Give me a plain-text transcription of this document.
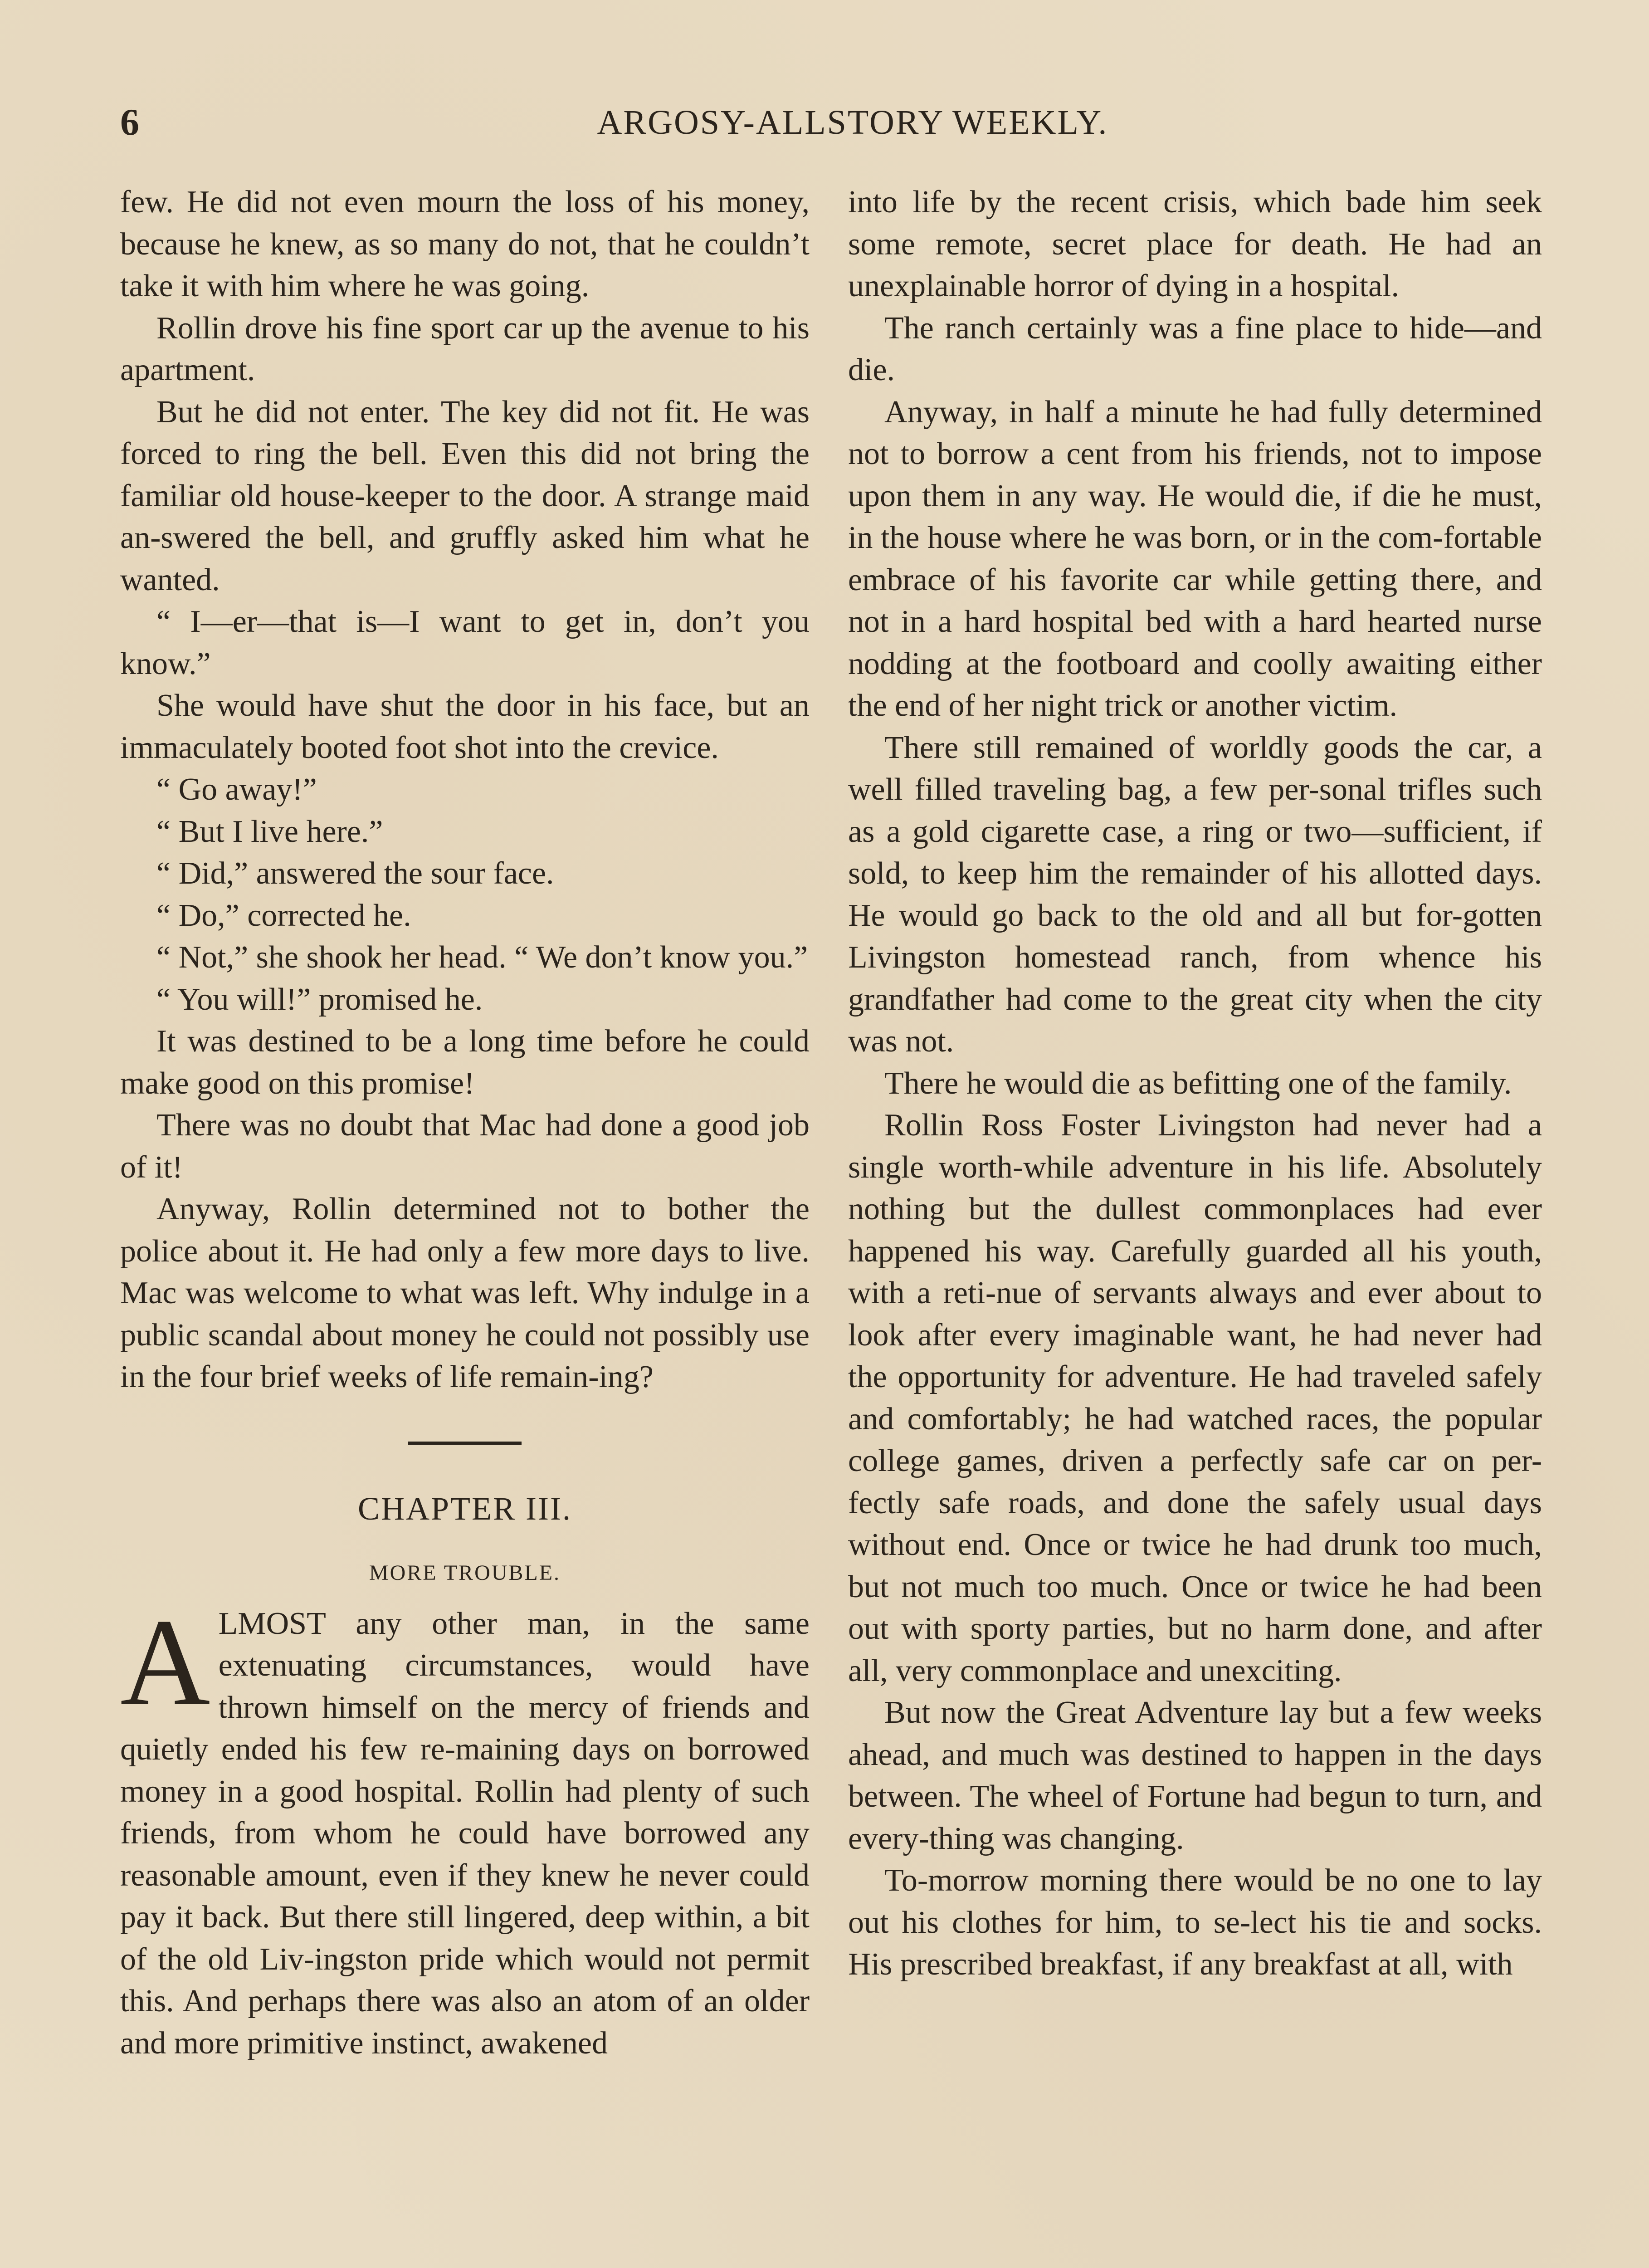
6	ARGOSY-ALLSTORY WEEKLY.

few. He did not even mourn the loss of his money, because he knew, as so many do not, that he couldn’t take it with him where he was going.

Rollin drove his fine sport car up the avenue to his apartment.

But he did not enter. The key did not fit. He was forced to ring the bell. Even this did not bring the familiar old house-keeper to the door. A strange maid an-swered the bell, and gruffly asked him what he wanted.

“ I—er—that is—I want to get in, don’t you know.”

She would have shut the door in his face, but an immaculately booted foot shot into the crevice.

“ Go away!”

“ But I live here.”

“ Did,” answered the sour face.

“ Do,” corrected he.

“ Not,” she shook her head. “ We don’t know you.”

“ You will!” promised he.

It was destined to be a long time before he could make good on this promise!

There was no doubt that Mac had done a good job of it!

Anyway, Rollin determined not to bother the police about it. He had only a few more days to live. Mac was welcome to what was left. Why indulge in a public scandal about money he could not possibly use in the four brief weeks of life remain-ing?

CHAPTER III.
MORE TROUBLE.

ALMOST any other man, in the same extenuating circumstances, would have thrown himself on the mercy of friends and quietly ended his few re-maining days on borrowed money in a good hospital. Rollin had plenty of such friends, from whom he could have borrowed any reasonable amount, even if they knew he never could pay it back. But there still lingered, deep within, a bit of the old Liv-ingston pride which would not permit this. And perhaps there was also an atom of an older and more primitive instinct, awakened

into life by the recent crisis, which bade him seek some remote, secret place for death. He had an unexplainable horror of dying in a hospital.

The ranch certainly was a fine place to hide—and die.

Anyway, in half a minute he had fully determined not to borrow a cent from his friends, not to impose upon them in any way. He would die, if die he must, in the house where he was born, or in the com-fortable embrace of his favorite car while getting there, and not in a hard hospital bed with a hard hearted nurse nodding at the footboard and coolly awaiting either the end of her night trick or another victim.

There still remained of worldly goods the car, a well filled traveling bag, a few per-sonal trifles such as a gold cigarette case, a ring or two—sufficient, if sold, to keep him the remainder of his allotted days. He would go back to the old and all but for-gotten Livingston homestead ranch, from whence his grandfather had come to the great city when the city was not.

There he would die as befitting one of the family.

Rollin Ross Foster Livingston had never had a single worth-while adventure in his life. Absolutely nothing but the dullest commonplaces had ever happened his way. Carefully guarded all his youth, with a reti-nue of servants always and ever about to look after every imaginable want, he had never had the opportunity for adventure. He had traveled safely and comfortably; he had watched races, the popular college games, driven a perfectly safe car on per-fectly safe roads, and done the safely usual days without end. Once or twice he had drunk too much, but not much too much. Once or twice he had been out with sporty parties, but no harm done, and after all, very commonplace and unexciting.

But now the Great Adventure lay but a few weeks ahead, and much was destined to happen in the days between. The wheel of Fortune had begun to turn, and every-thing was changing.

To-morrow morning there would be no one to lay out his clothes for him, to se-lect his tie and socks. His prescribed breakfast, if any breakfast at all, with
